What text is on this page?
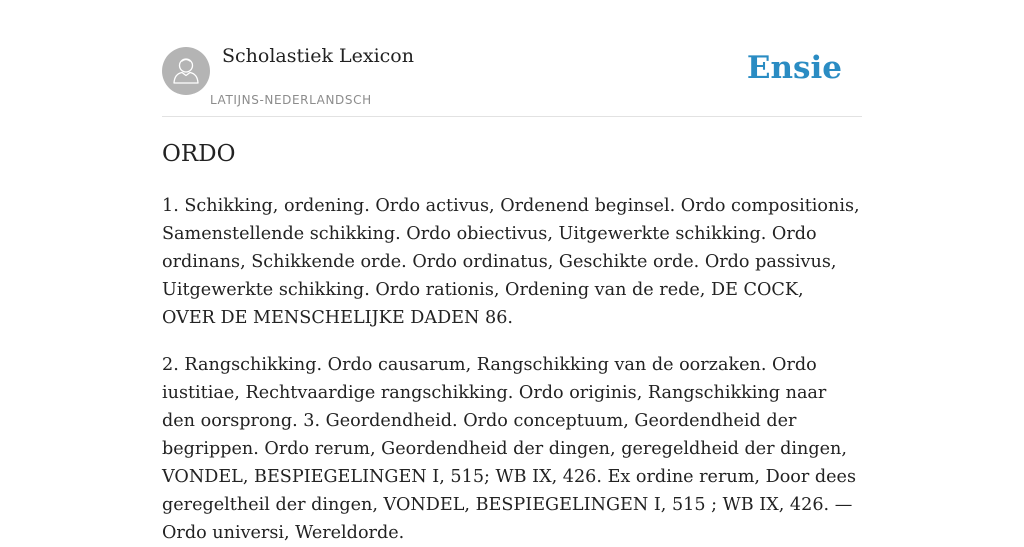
Scholastiek Lexicon
LATIJNS-NEDERLANDSCH
Ensie
ORDO

1. Schikking, ordening. Ordo activus, Ordenend beginsel. Ordo compositionis, Samenstellende schikking. Ordo obiectivus, Uitgewerkte schikking. Ordo ordinans, Schikkende orde. Ordo ordinatus, Geschikte orde. Ordo passivus, Uitgewerkte schikking. Ordo rationis, Ordening van de rede, DE COCK, OVER DE MENSCHELIJKE DADEN 86.

2. Rangschikking. Ordo causarum, Rangschikking van de oorzaken. Ordo iustitiae, Rechtvaardige rangschikking. Ordo originis, Rangschikking naar den oorsprong. 3. Geordendheid. Ordo conceptuum, Geordendheid der begrippen. Ordo rerum, Geordendheid der dingen, geregeldheid der dingen, VONDEL, BESPIEGELINGEN I, 515; WB IX, 426. Ex ordine rerum, Door dees geregeltheil der dingen, VONDEL, BESPIEGELINGEN I, 515 ; WB IX, 426. — Ordo universi, Wereldorde.
